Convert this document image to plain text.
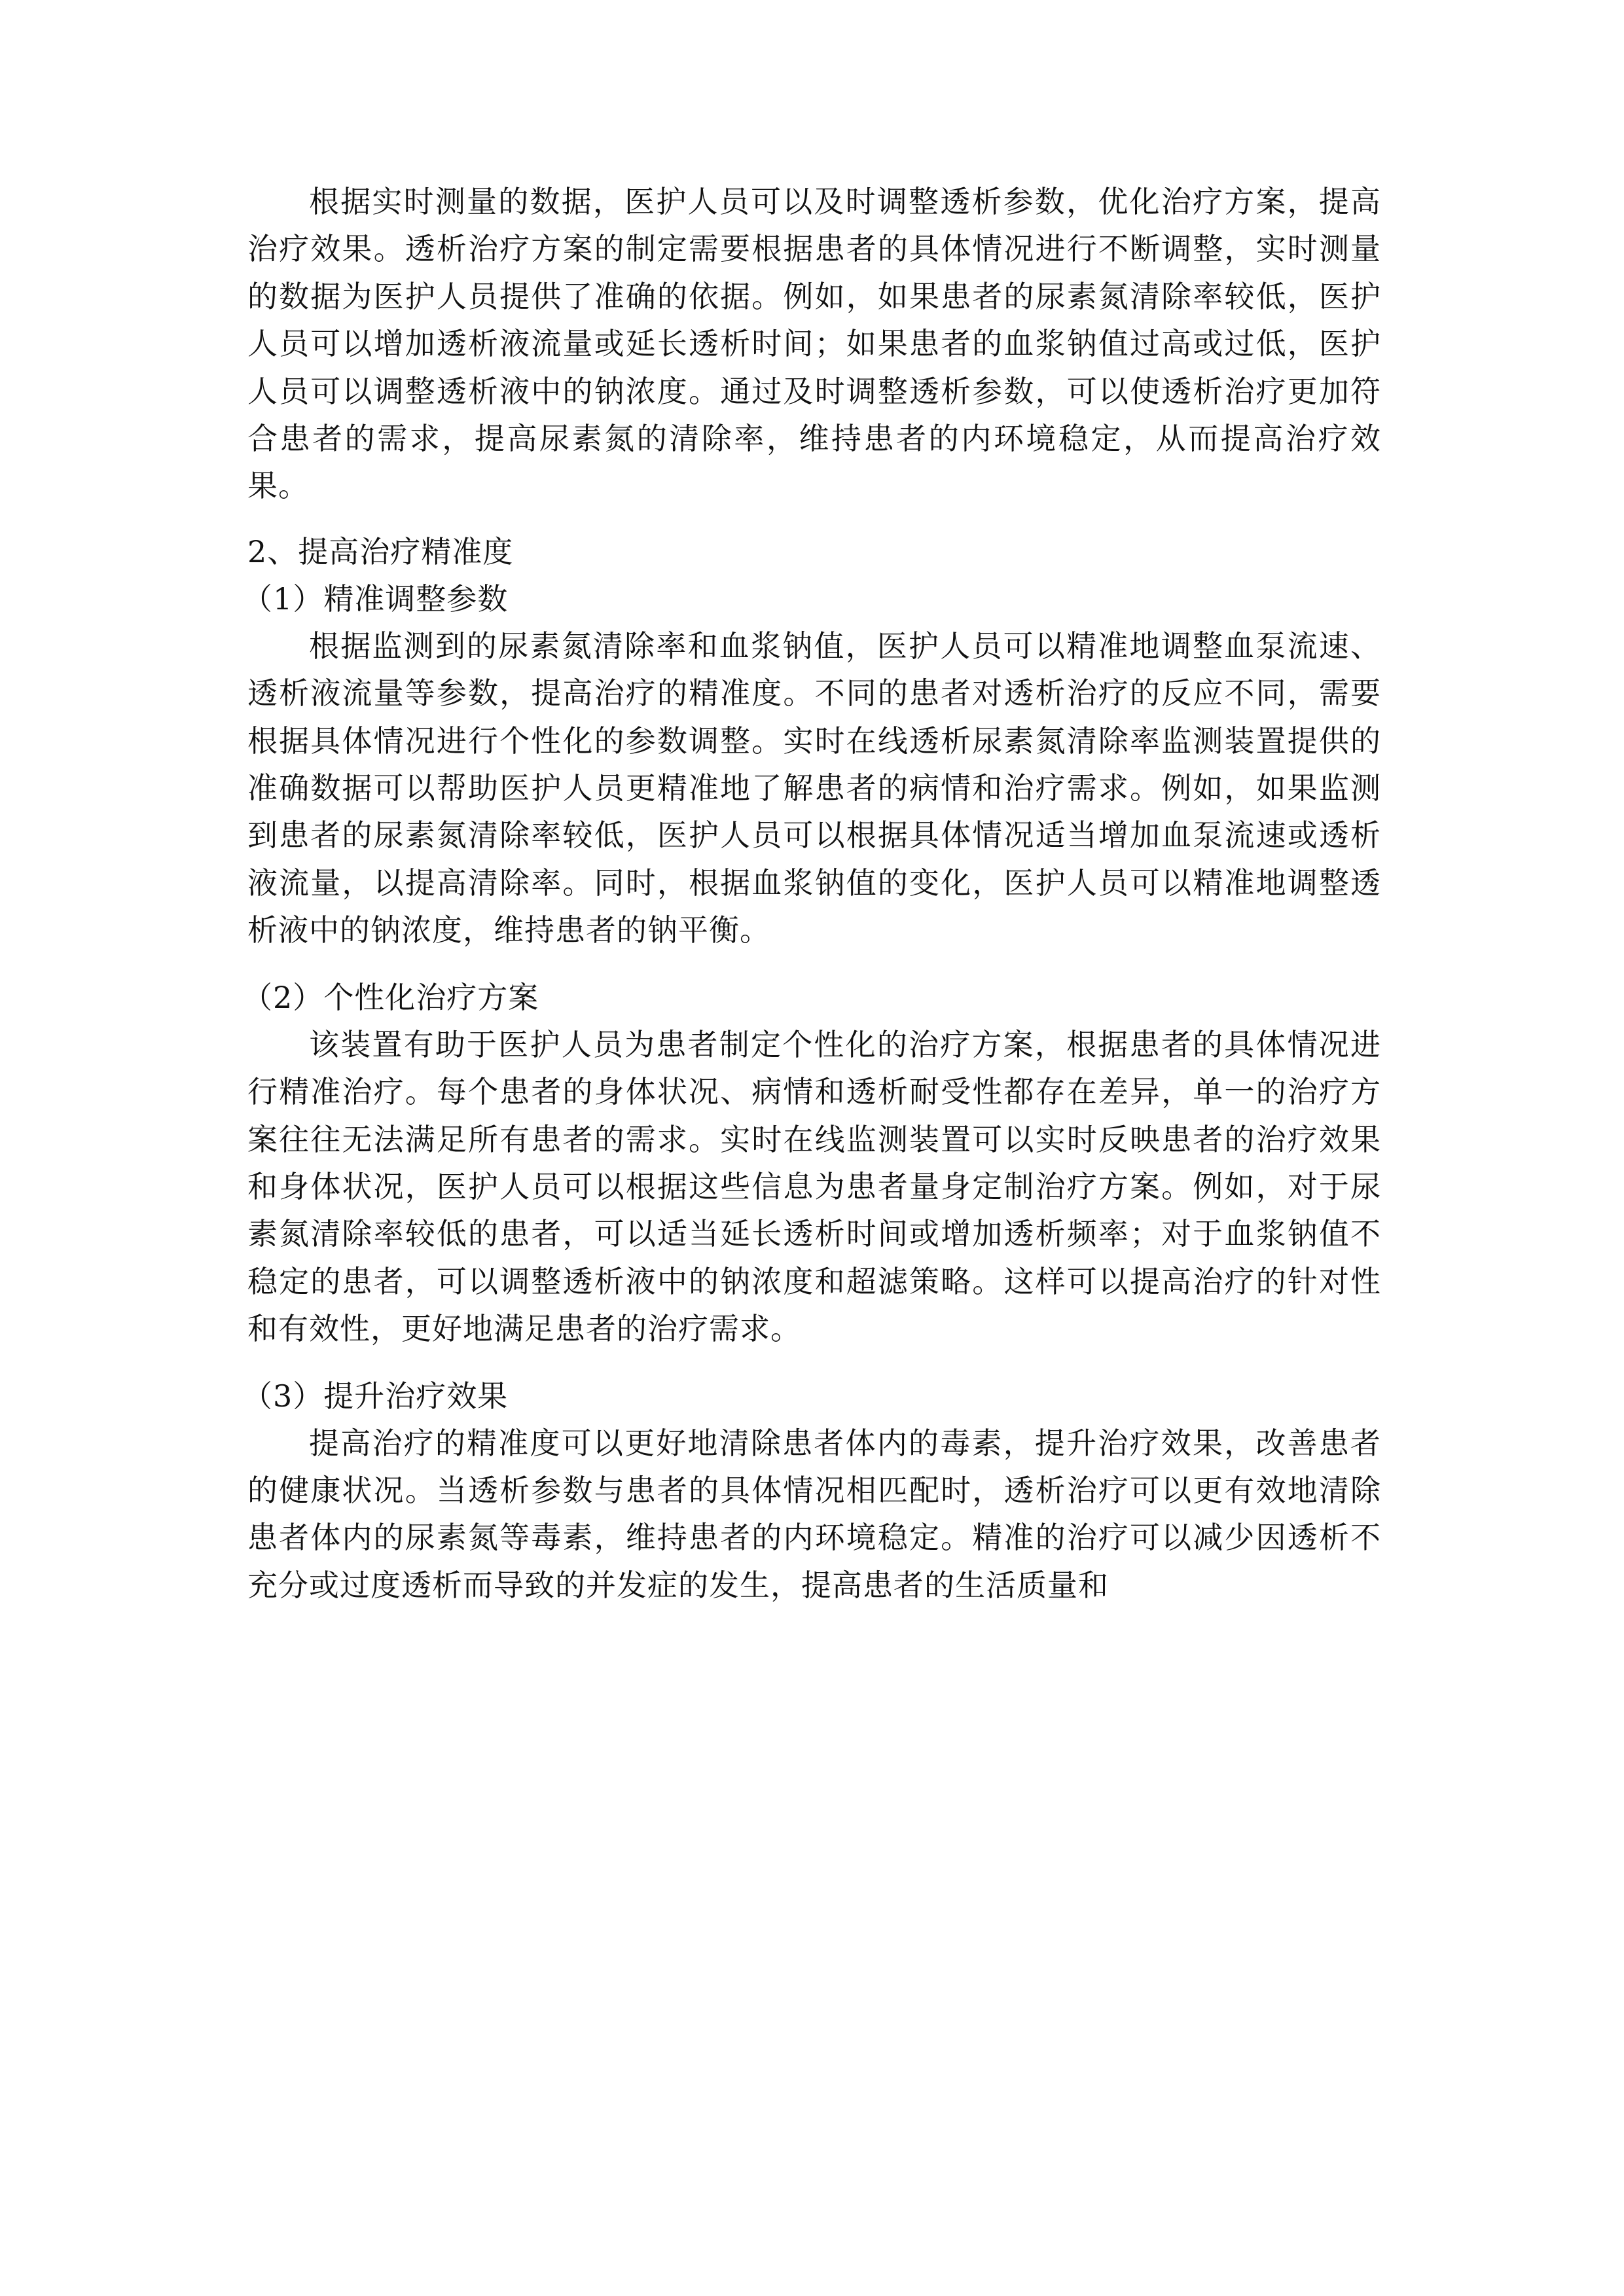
根据实时测量的数据，医护人员可以及时调整透析参数，优化治疗方案，提高治疗效果。透析治疗方案的制定需要根据患者的具体情况进行不断调整，实时测量的数据为医护人员提供了准确的依据。例如，如果患者的尿素氮清除率较低，医护人员可以增加透析液流量或延长透析时间；如果患者的血浆钠值过高或过低，医护人员可以调整透析液中的钠浓度。通过及时调整透析参数，可以使透析治疗更加符合患者的需求，提高尿素氮的清除率，维持患者的内环境稳定，从而提高治疗效果。

2、提高治疗精准度

（1）精准调整参数

根据监测到的尿素氮清除率和血浆钠值，医护人员可以精准地调整血泵流速、透析液流量等参数，提高治疗的精准度。不同的患者对透析治疗的反应不同，需要根据具体情况进行个性化的参数调整。实时在线透析尿素氮清除率监测装置提供的准确数据可以帮助医护人员更精准地了解患者的病情和治疗需求。例如，如果监测到患者的尿素氮清除率较低，医护人员可以根据具体情况适当增加血泵流速或透析液流量，以提高清除率。同时，根据血浆钠值的变化，医护人员可以精准地调整透析液中的钠浓度，维持患者的钠平衡。

（2）个性化治疗方案

该装置有助于医护人员为患者制定个性化的治疗方案，根据患者的具体情况进行精准治疗。每个患者的身体状况、病情和透析耐受性都存在差异，单一的治疗方案往往无法满足所有患者的需求。实时在线监测装置可以实时反映患者的治疗效果和身体状况，医护人员可以根据这些信息为患者量身定制治疗方案。例如，对于尿素氮清除率较低的患者，可以适当延长透析时间或增加透析频率；对于血浆钠值不稳定的患者，可以调整透析液中的钠浓度和超滤策略。这样可以提高治疗的针对性和有效性，更好地满足患者的治疗需求。

（3）提升治疗效果

提高治疗的精准度可以更好地清除患者体内的毒素，提升治疗效果，改善患者的健康状况。当透析参数与患者的具体情况相匹配时，透析治疗可以更有效地清除患者体内的尿素氮等毒素，维持患者的内环境稳定。精准的治疗可以减少因透析不充分或过度透析而导致的并发症的发生，提高患者的生活质量和
